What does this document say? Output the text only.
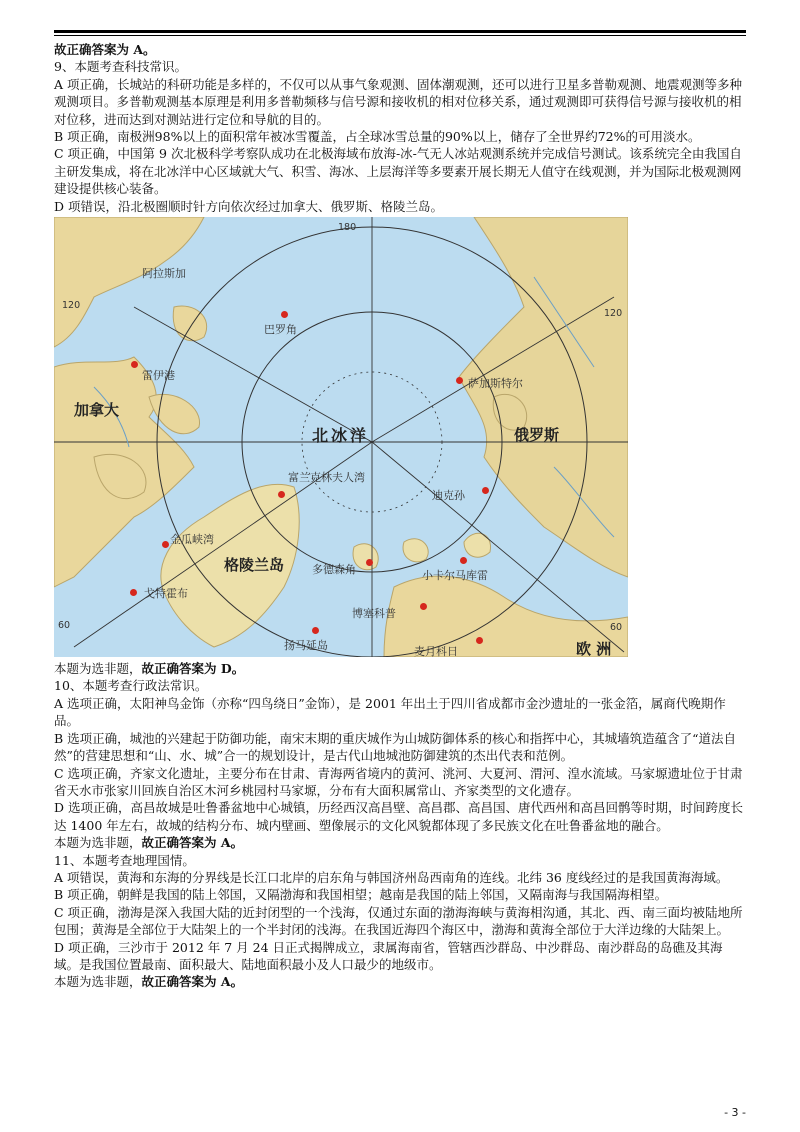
故正确答案为 A。

9、本题考查科技常识。

A 项正确，长城站的科研功能是多样的，不仅可以从事气象观测、固体潮观测，还可以进行卫星多普勒观测、地震观测等多种观测项目。多普勒观测基本原理是利用多普勒频移与信号源和接收机的相对位移关系，通过观测即可获得信号源与接收机的相对位移，进而达到对测站进行定位和导航的目的。

B 项正确，南极洲98%以上的面积常年被冰雪覆盖，占全球冰雪总量的90%以上，储存了全世界约72%的可用淡水。

C 项正确，中国第 9 次北极科学考察队成功在北极海域布放海-冰-气无人冰站观测系统并完成信号测试。该系统完全由我国自主研发集成，将在北冰洋中心区域就大气、积雪、海冰、上层海洋等多要素开展长期无人值守在线观测，并为国际北极观测网建设提供核心装备。

D 项错误，沿北极圈顺时针方向依次经过加拿大、俄罗斯、格陵兰岛。

180
120
120
60	60
北冰洋
阿拉斯加
加拿大
俄罗斯
格陵兰岛
欧 洲
巴罗角
雷伊港
萨加斯特尔
富兰克林夫人湾
迪克孙
金瓜峡湾
戈特霍布
多德森角	小卡尔马库雷
扬马延岛
博塞科普
麦月科日

本题为选非题，故正确答案为 D。

10、本题考查行政法常识。

A 选项正确，太阳神鸟金饰（亦称“四鸟绕日”金饰），是 2001 年出土于四川省成都市金沙遗址的一张金箔，属商代晚期作品。

B 选项正确，城池的兴建起于防御功能，南宋末期的重庆城作为山城防御体系的核心和指挥中心，其城墙筑造蕴含了“道法自然”的营建思想和“山、水、城”合一的规划设计，是古代山地城池防御建筑的杰出代表和范例。

C 选项正确，齐家文化遗址，主要分布在甘肃、青海两省境内的黄河、洮河、大夏河、渭河、湟水流域。马家塬遗址位于甘肃省天水市张家川回族自治区木河乡桃园村马家塬，分布有大面积属常山、齐家类型的文化遗存。

D 选项正确，高昌故城是吐鲁番盆地中心城镇，历经西汉高昌壁、高昌郡、高昌国、唐代西州和高昌回鹘等时期，时间跨度长达 1400 年左右，故城的结构分布、城内壁画、塑像展示的文化风貌都体现了多民族文化在吐鲁番盆地的融合。

本题为选非题，故正确答案为 A。

11、本题考查地理国情。

A 项错误，黄海和东海的分界线是长江口北岸的启东角与韩国济州岛西南角的连线。北纬 36 度线经过的是我国黄海海域。

B 项正确，朝鲜是我国的陆上邻国，又隔渤海和我国相望；越南是我国的陆上邻国，又隔南海与我国隔海相望。

C 项正确，渤海是深入我国大陆的近封闭型的一个浅海，仅通过东面的渤海海峡与黄海相沟通，其北、西、南三面均被陆地所包围；黄海是全部位于大陆架上的一个半封闭的浅海。在我国近海四个海区中，渤海和黄海全部位于大洋边缘的大陆架上。

D 项正确，三沙市于 2012 年 7 月 24 日正式揭牌成立，隶属海南省，管辖西沙群岛、中沙群岛、南沙群岛的岛礁及其海域。是我国位置最南、面积最大、陆地面积最小及人口最少的地级市。

本题为选非题，故正确答案为 A。

- 3 -
